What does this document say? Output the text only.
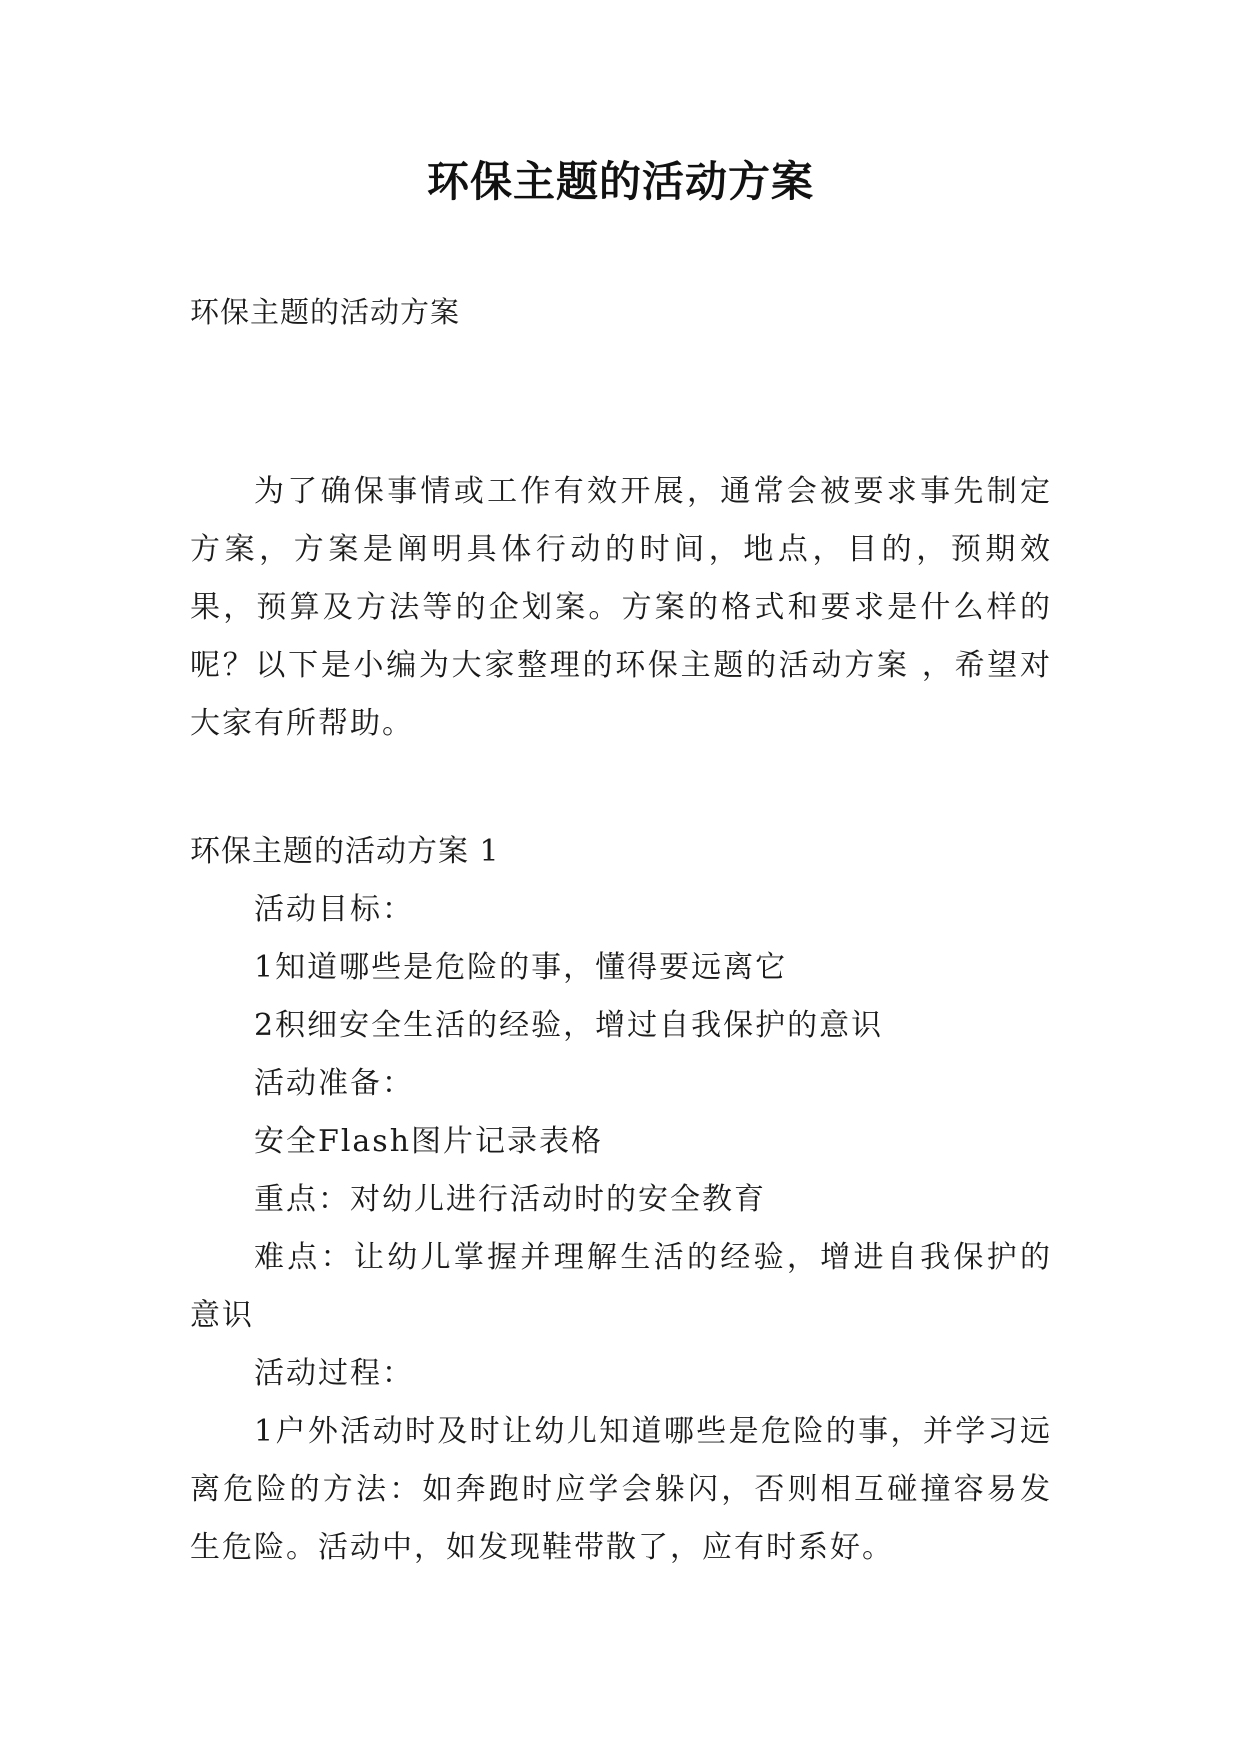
环保主题的活动方案
环保主题的活动方案

为了确保事情或工作有效开展，通常会被要求事先制定方案，方案是阐明具体行动的时间，地点，目的，预期效果，预算及方法等的企划案。方案的格式和要求是什么样的呢？以下是小编为大家整理的环保主题的活动方案 ，希望对大家有所帮助。

环保主题的活动方案 1

活动目标：

1知道哪些是危险的事，懂得要远离它

2积细安全生活的经验，增过自我保护的意识

活动准备：

安全Flash图片记录表格

重点：对幼儿进行活动时的安全教育

难点：让幼儿掌握并理解生活的经验，增进自我保护的意识

活动过程：

1户外活动时及时让幼儿知道哪些是危险的事，并学习远离危险的方法：如奔跑时应学会躲闪，否则相互碰撞容易发生危险。活动中，如发现鞋带散了，应有时系好。
